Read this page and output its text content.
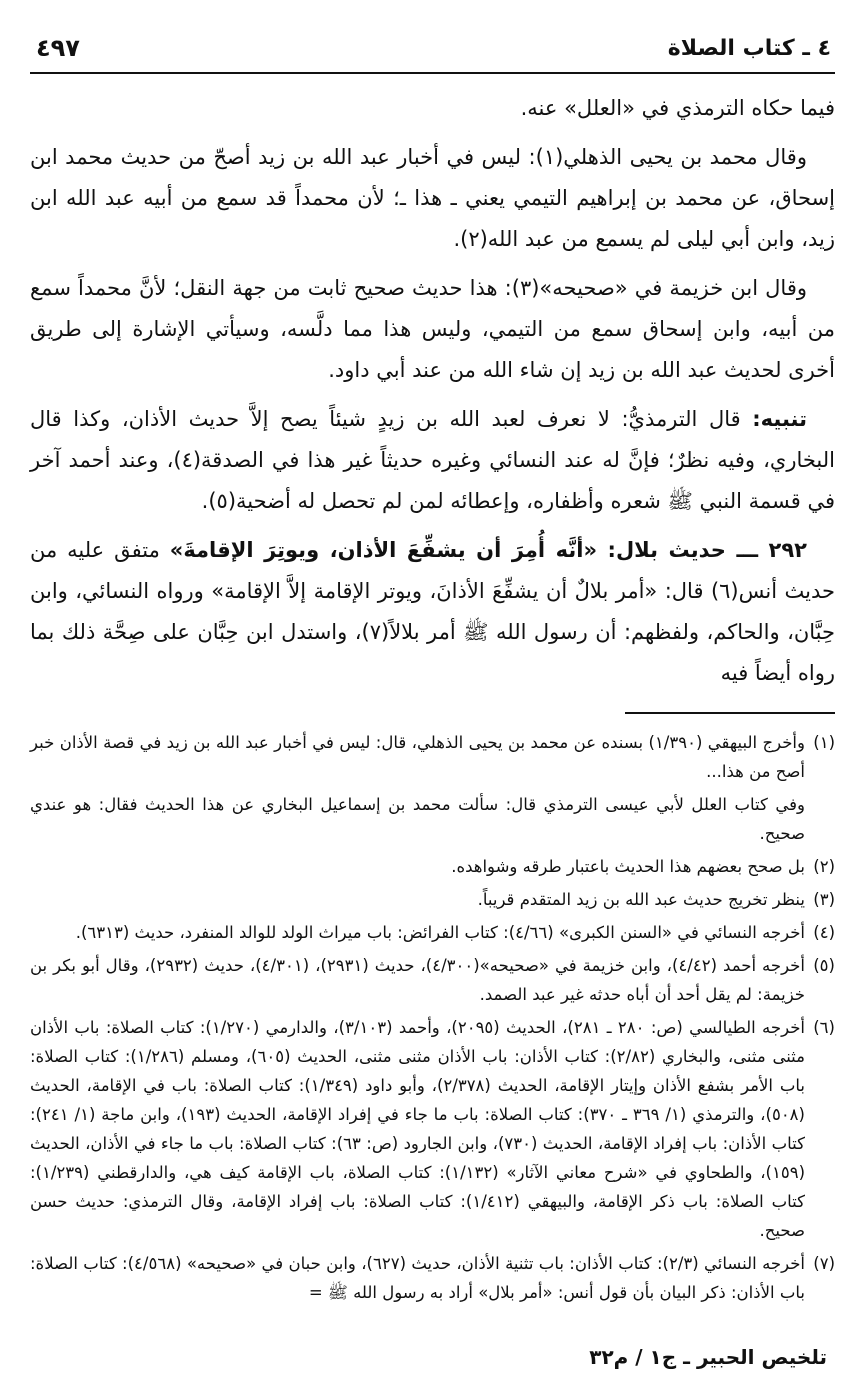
٤ ـ كتاب الصلاة
٤٩٧

فيما حكاه الترمذي في «العلل» عنه.

وقال محمد بن يحيى الذهلي(١): ليس في أخبار عبد الله بن زيد أصحّ من حديث محمد ابن إسحاق، عن محمد بن إبراهيم التيمي يعني ـ هذا ـ؛ لأن محمداً قد سمع من أبيه عبد الله ابن زيد، وابن أبي ليلى لم يسمع من عبد الله(٢).

وقال ابن خزيمة في «صحيحه»(٣): هذا حديث صحيح ثابت من جهة النقل؛ لأنَّ محمداً سمع من أبيه، وابن إسحاق سمع من التيمي، وليس هذا مما دلَّسه، وسيأتي الإشارة إلى طريق أخرى لحديث عبد الله بن زيد إن شاء الله من عند أبي داود.

تنبيه: قال الترمذيُّ: لا نعرف لعبد الله بن زيدٍ شيئاً يصح إلاَّ حديث الأذان، وكذا قال البخاري، وفيه نظرٌ؛ فإنَّ له عند النسائي وغيره حديثاً غير هذا في الصدقة(٤)، وعند أحمد آخر في قسمة النبي ﷺ شعره وأظفاره، وإعطائه لمن لم تحصل له أضحية(٥).

٢٩٢ ـــ حديث بلال: «أنَّه أُمِرَ أن يشفِّعَ الأذان، ويوتِرَ الإقامةَ» متفق عليه من حديث أنس(٦) قال: «أمر بلالٌ أن يشفِّعَ الأذانَ، ويوتر الإقامة إلاَّ الإقامة» ورواه النسائي، وابن حِبَّان، والحاكم، ولفظهم: أن رسول الله ﷺ أمر بلالاً(٧)، واستدل ابن حِبَّان على صِحَّة ذلك بما رواه أيضاً فيه

(١)وأخرج البيهقي (١/٣٩٠) بسنده عن محمد بن يحيى الذهلي، قال: ليس في أخبار عبد الله بن زيد في قصة الأذان خبر أصح من هذا...

وفي كتاب العلل لأبي عيسى الترمذي قال: سألت محمد بن إسماعيل البخاري عن هذا الحديث فقال: هو عندي صحيح.

(٢)بل صحح بعضهم هذا الحديث باعتبار طرقه وشواهده.

(٣)ينظر تخريج حديث عبد الله بن زيد المتقدم قريباً.

(٤)أخرجه النسائي في «السنن الكبرى» (٤/٦٦): كتاب الفرائض: باب ميراث الولد للوالد المنفرد، حديث (٦٣١٣).

(٥)أخرجه أحمد (٤/٤٢)، وابن خزيمة في «صحيحه»(٤/٣٠٠)، حديث (٢٩٣١)، (٤/٣٠١)، حديث (٢٩٣٢)، وقال أبو بكر بن خزيمة: لم يقل أحد أن أباه حدثه غير عبد الصمد.

(٦)أخرجه الطيالسي (ص: ٢٨٠ ـ ٢٨١)، الحديث (٢٠٩٥)، وأحمد (٣/١٠٣)، والدارمي (١/٢٧٠): كتاب الصلاة: باب الأذان مثنى مثنى، والبخاري (٢/٨٢): كتاب الأذان: باب الأذان مثنى مثنى، الحديث (٦٠٥)، ومسلم (١/٢٨٦): كتاب الصلاة: باب الأمر بشفع الأذان وإيتار الإقامة، الحديث (٢/٣٧٨)، وأبو داود (١/٣٤٩): كتاب الصلاة: باب في الإقامة، الحديث (٥٠٨)، والترمذي (١/ ٣٦٩ ـ ٣٧٠): كتاب الصلاة: باب ما جاء في إفراد الإقامة، الحديث (١٩٣)، وابن ماجة (١/ ٢٤١): كتاب الأذان: باب إفراد الإقامة، الحديث (٧٣٠)، وابن الجارود (ص: ٦٣): كتاب الصلاة: باب ما جاء في الأذان، الحديث (١٥٩)، والطحاوي في «شرح معاني الآثار» (١/١٣٢): كتاب الصلاة، باب الإقامة كيف هي، والدارقطني (١/٢٣٩): كتاب الصلاة: باب ذكر الإقامة، والبيهقي (١/٤١٢): كتاب الصلاة: باب إفراد الإقامة، وقال الترمذي: حديث حسن صحيح.

(٧)أخرجه النسائي (٢/٣): كتاب الأذان: باب تثنية الأذان، حديث (٦٢٧)، وابن حبان في «صحيحه» (٤/٥٦٨): كتاب الصلاة: باب الأذان: ذكر البيان بأن قول أنس: «أمر بلال» أراد به رسول الله ﷺ =

تلخيص الحبير ـ ج١ / م٣٢
